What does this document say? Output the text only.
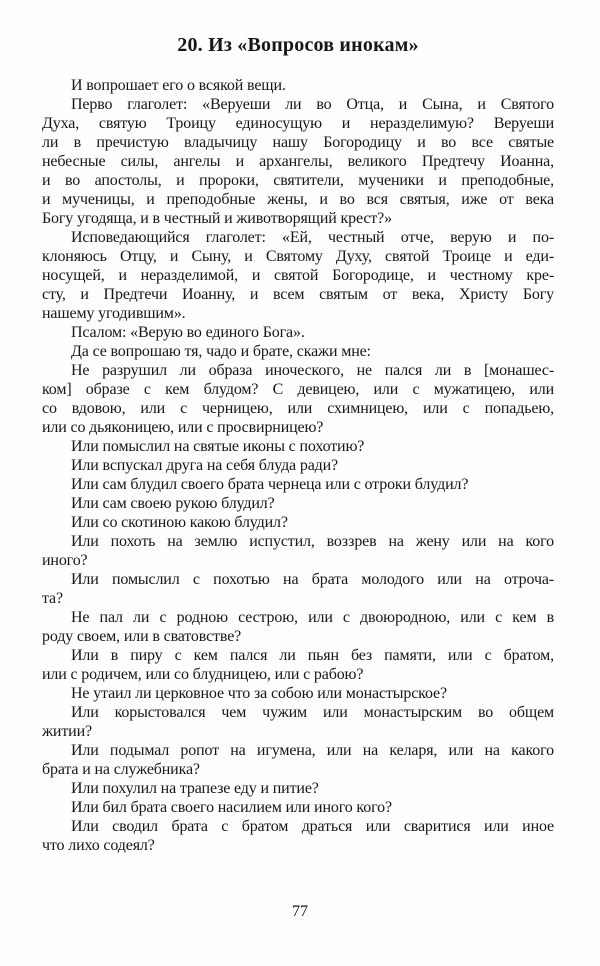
20. Из «Вопросов инокам»
И вопрошает его о всякой вещи.
Перво глаголет: «Веруеши ли во Отца, и Сына, и Святого
Духа, святую Троицу единосущую и неразделимую? Веруеши
ли в пречистую владычицу нашу Богородицу и во все святые
небесные силы, ангелы и архангелы, великого Предтечу Иоанна,
и во апостолы, и пророки, святители, мученики и преподобные,
и мученицы, и преподобные жены, и во вся святыя, иже от века
Богу угодяща, и в честный и животворящий крест?»
Исповедающийся глаголет: «Ей, честный отче, верую и по-
клоняюсь Отцу, и Сыну, и Святому Духу, святой Троице и еди-
носущей, и неразделимой, и святой Богородице, и честному кре-
сту, и Предтечи Иоанну, и всем святым от века, Христу Богу
нашему угодившим».
Псалом: «Верую во единого Бога».
Да се вопрошаю тя, чадо и брате, скажи мне:
Не разрушил ли образа иноческого, не пался ли в [монашес-
ком] образе с кем блудом? С девицею, или с мужатицею, или
со вдовою, или с черницею, или схимницею, или с попадьею,
или со дьяконицею, или с просвирницею?
Или помыслил на святые иконы с похотию?
Или вспускал друга на себя блуда ради?
Или сам блудил своего брата чернеца или с отроки блудил?
Или сам своею рукою блудил?
Или со скотиною какою блудил?
Или похоть на землю испустил, воззрев на жену или на кого
иного?
Или помыслил с похотью на брата молодого или на отроча-
та?
Не пал ли с родною сестрою, или с двоюродною, или с кем в
роду своем, или в сватовстве?
Или в пиру с кем пался ли пьян без памяти, или с братом,
или с родичем, или со блудницею, или с рабою?
Не утаил ли церковное что за собою или монастырское?
Или корыстовался чем чужим или монастырским во общем
житии?
Или подымал ропот на игумена, или на келаря, или на какого
брата и на служебника?
Или похулил на трапезе еду и питие?
Или бил брата своего насилием или иного кого?
Или сводил брата с братом драться или сваритися или иное
что лихо содеял?
77
